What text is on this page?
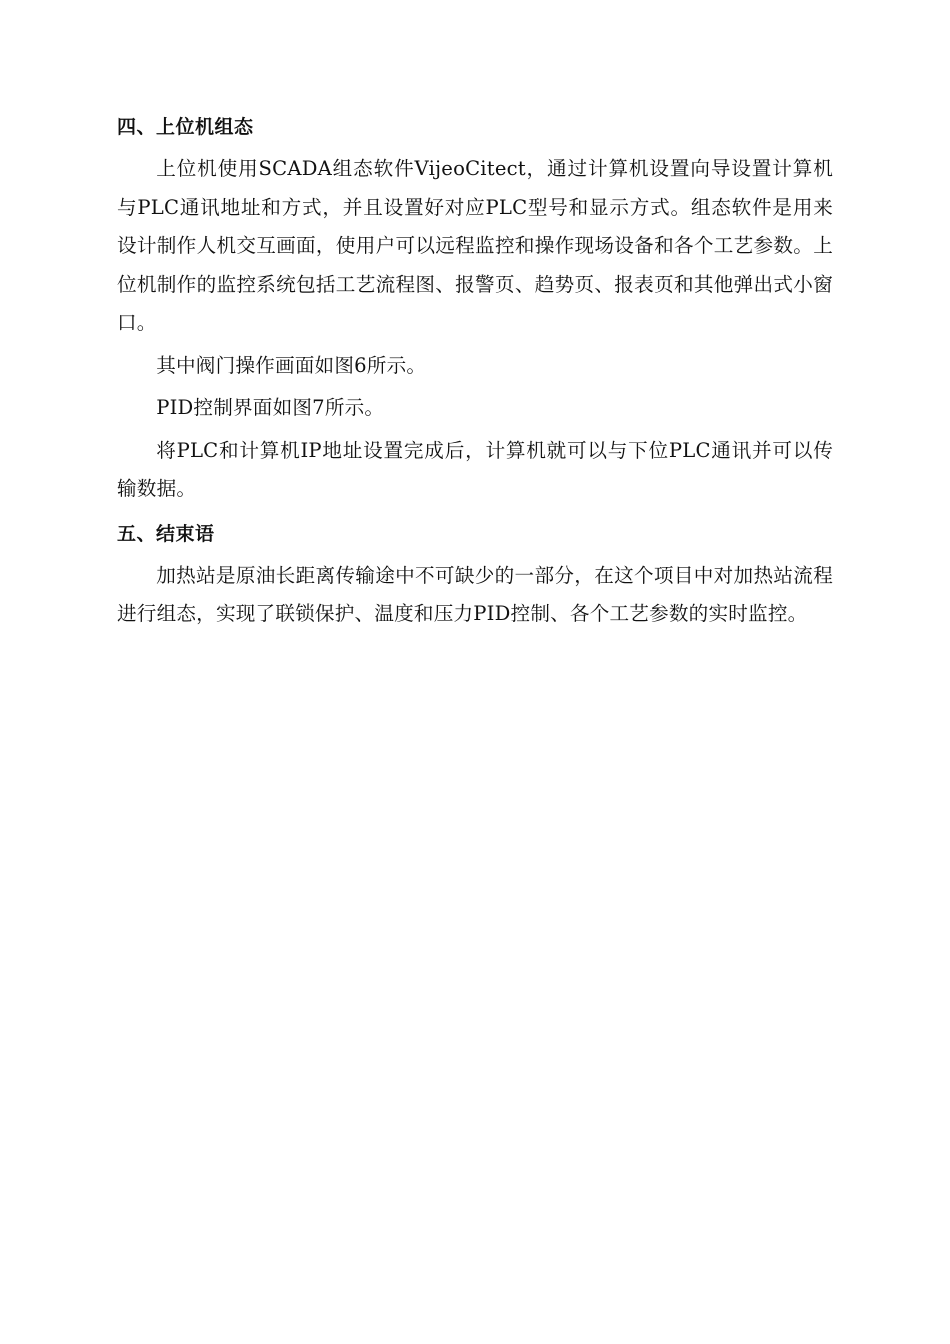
四、上位机组态

上位机使用SCADA组态软件VijeoCitect，通过计算机设置向导设置计算机与PLC通讯地址和方式，并且设置好对应PLC型号和显示方式。组态软件是用来设计制作人机交互画面，使用户可以远程监控和操作现场设备和各个工艺参数。上位机制作的监控系统包括工艺流程图、报警页、趋势页、报表页和其他弹出式小窗口。

其中阀门操作画面如图6所示。

PID控制界面如图7所示。

将PLC和计算机IP地址设置完成后，计算机就可以与下位PLC通讯并可以传输数据。

五、结束语

加热站是原油长距离传输途中不可缺少的一部分，在这个项目中对加热站流程进行组态，实现了联锁保护、温度和压力PID控制、各个工艺参数的实时监控。
